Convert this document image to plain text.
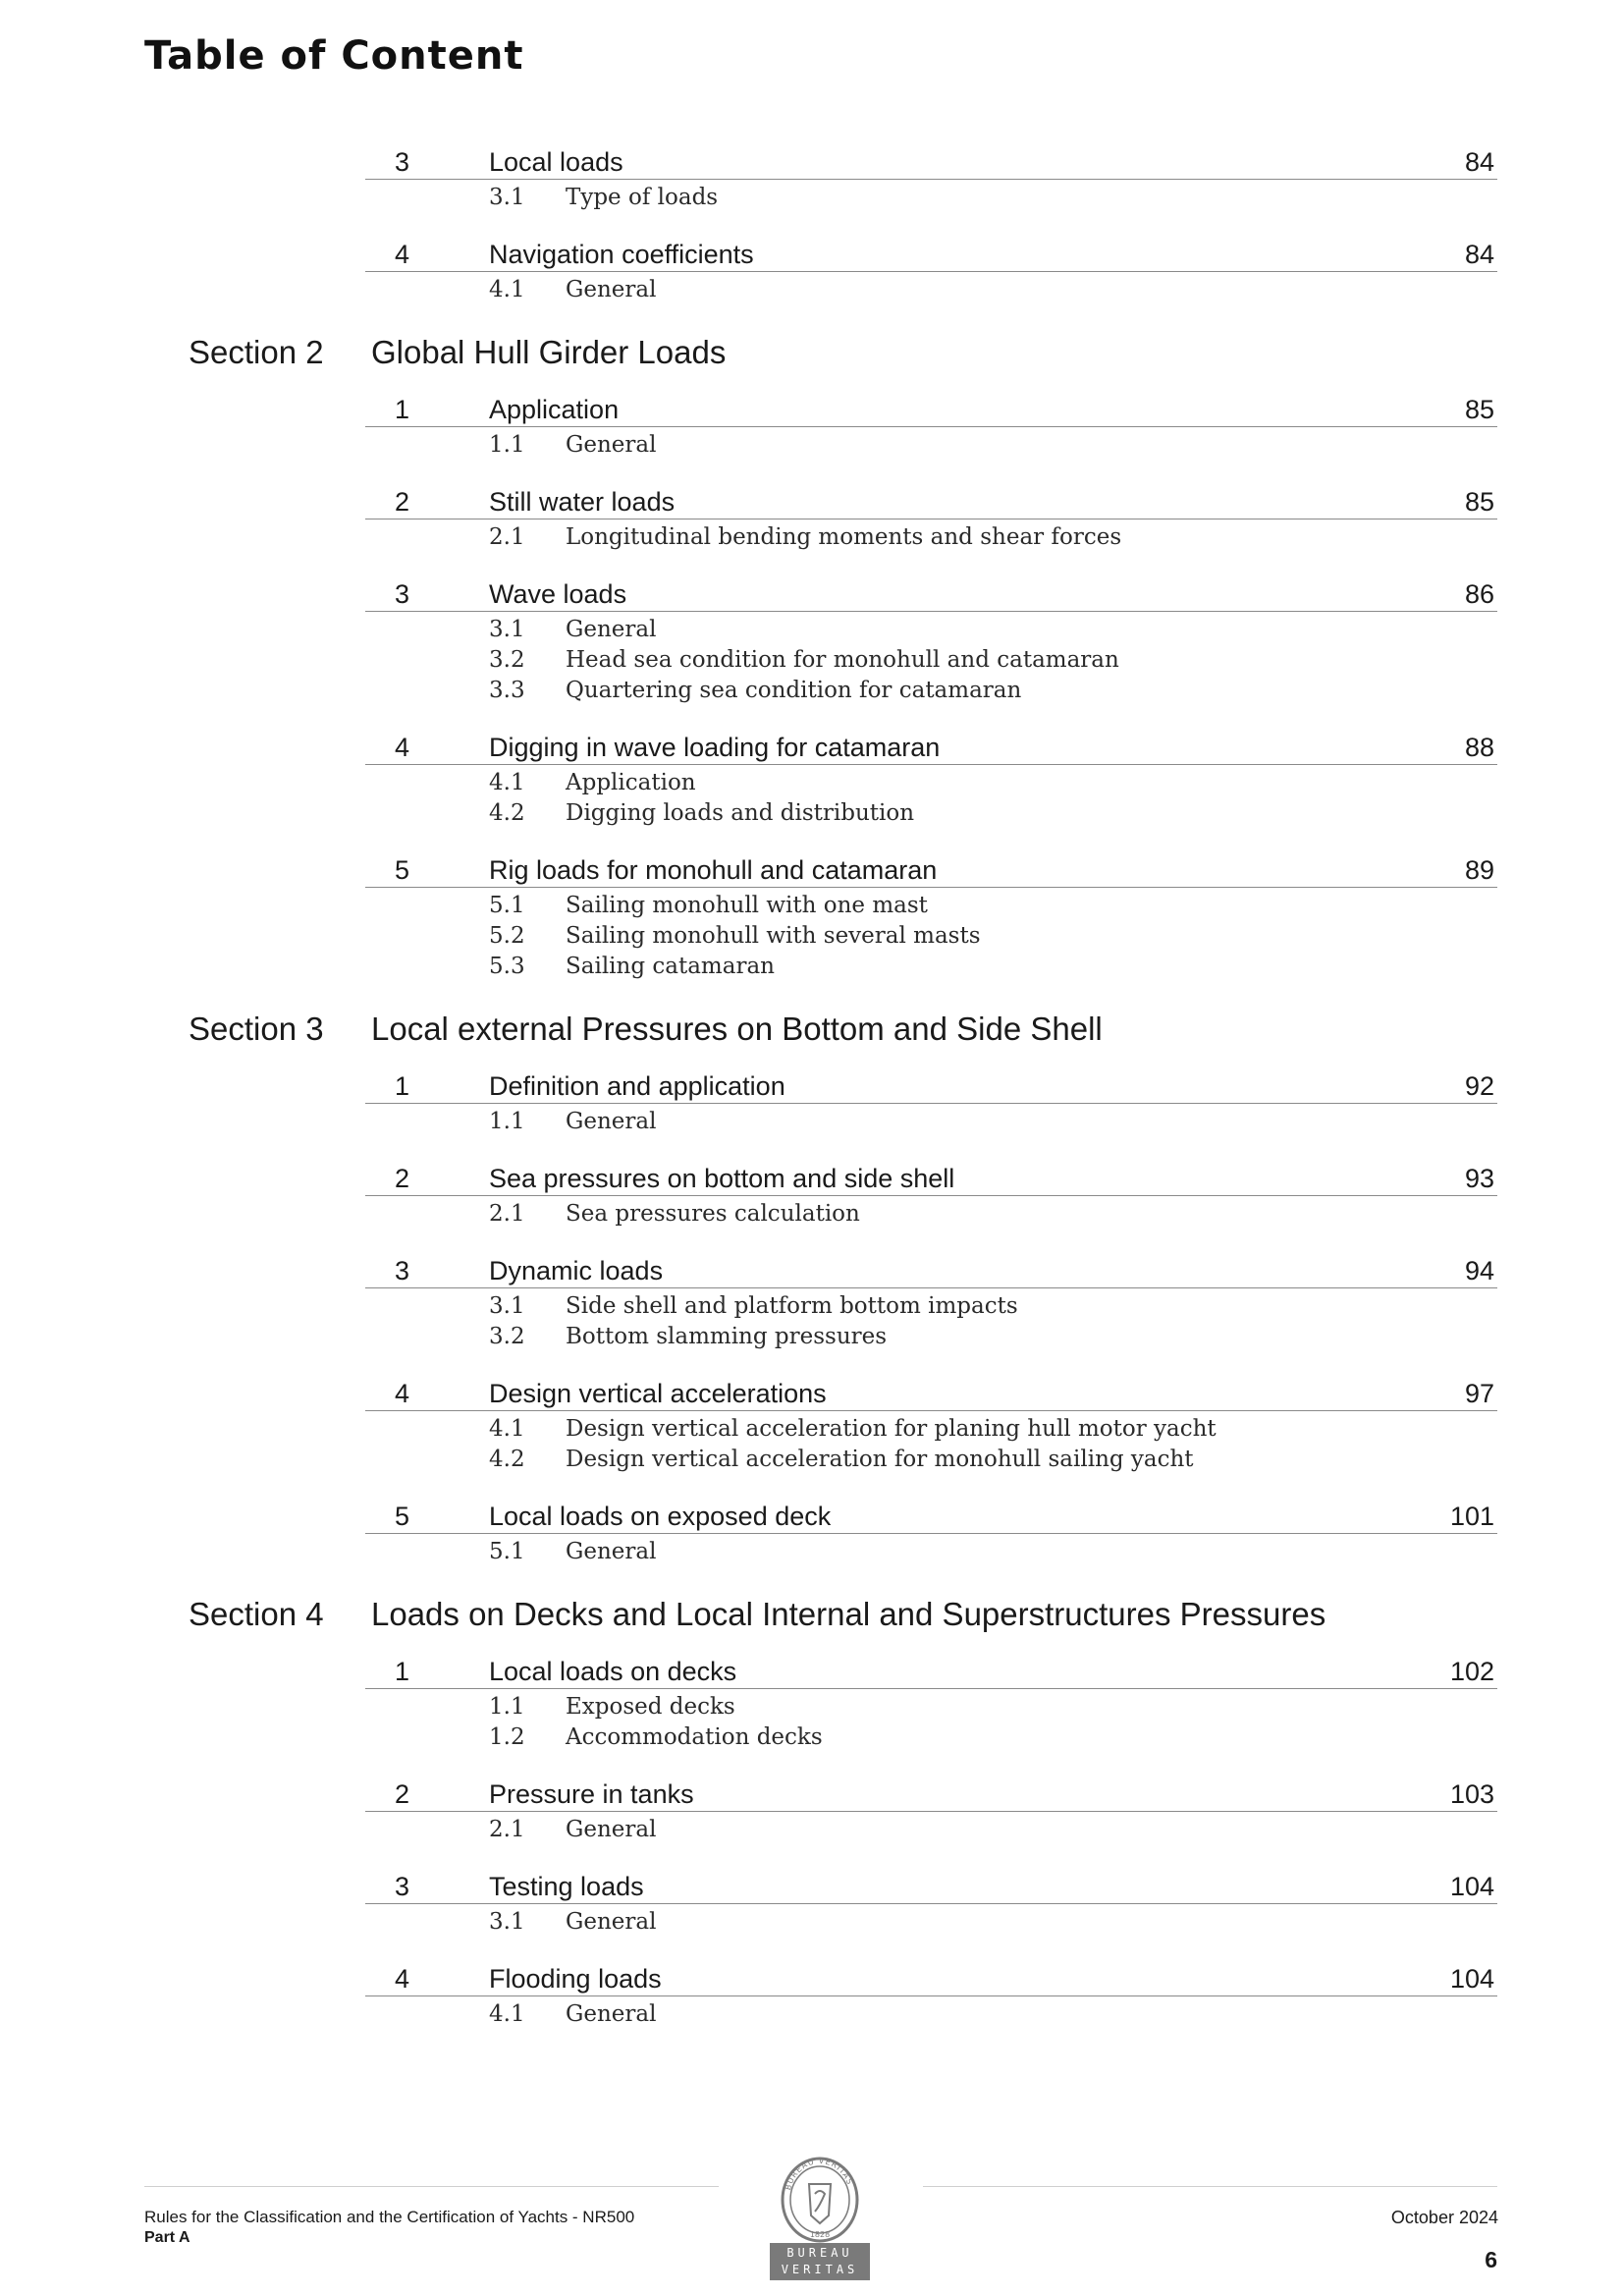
Table of Content
3	Local loads	84
3.1 Type of loads
4	Navigation coefficients	84
4.1 General
Section 2 Global Hull Girder Loads
1	Application	85
1.1 General
2	Still water loads	85
2.1 Longitudinal bending moments and shear forces
3	Wave loads	86
3.1 General
3.2 Head sea condition for monohull and catamaran
3.3 Quartering sea condition for catamaran
4	Digging in wave loading for catamaran	88
4.1 Application
4.2 Digging loads and distribution
5	Rig loads for monohull and catamaran	89
5.1 Sailing monohull with one mast
5.2 Sailing monohull with several masts
5.3 Sailing catamaran
Section 3 Local external Pressures on Bottom and Side Shell
1	Definition and application	92
1.1 General
2	Sea pressures on bottom and side shell	93
2.1 Sea pressures calculation
3	Dynamic loads	94
3.1 Side shell and platform bottom impacts
3.2 Bottom slamming pressures
4	Design vertical accelerations	97
4.1 Design vertical acceleration for planing hull motor yacht
4.2 Design vertical acceleration for monohull sailing yacht
5	Local loads on exposed deck	101
5.1 General
Section 4 Loads on Decks and Local Internal and Superstructures Pressures
1	Local loads on decks	102
1.1 Exposed decks
1.2 Accommodation decks
2	Pressure in tanks	103
2.1 General
3	Testing loads	104
3.1 General
4	Flooding loads	104
4.1 General
Rules for the Classification and the Certification of Yachts - NR500
Part A
October 2024
6
BUREAU VERITAS
1828
BUREAU
VERITAS
